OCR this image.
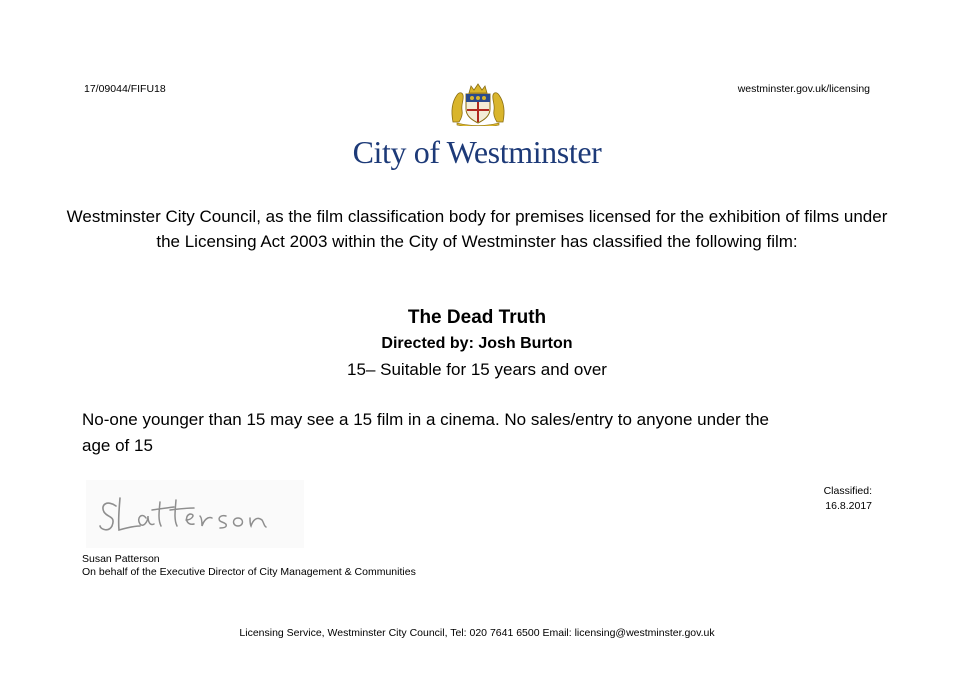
17/09044/FIFU18	westminster.gov.uk/licensing
City of Westminster
Westminster City Council, as the film classification body for premises licensed for the exhibition of films under the Licensing Act 2003 within the City of Westminster has classified the following film:
The Dead Truth
Directed by: Josh Burton
15– Suitable for 15 years and over
No-one younger than 15 may see a 15 film in a cinema. No sales/entry to anyone under the age of 15
Susan Patterson
On behalf of the Executive Director of City Management & Communities
Classified:
16.8.2017
Licensing Service, Westminster City Council, Tel: 020 7641 6500 Email: licensing@westminster.gov.uk
